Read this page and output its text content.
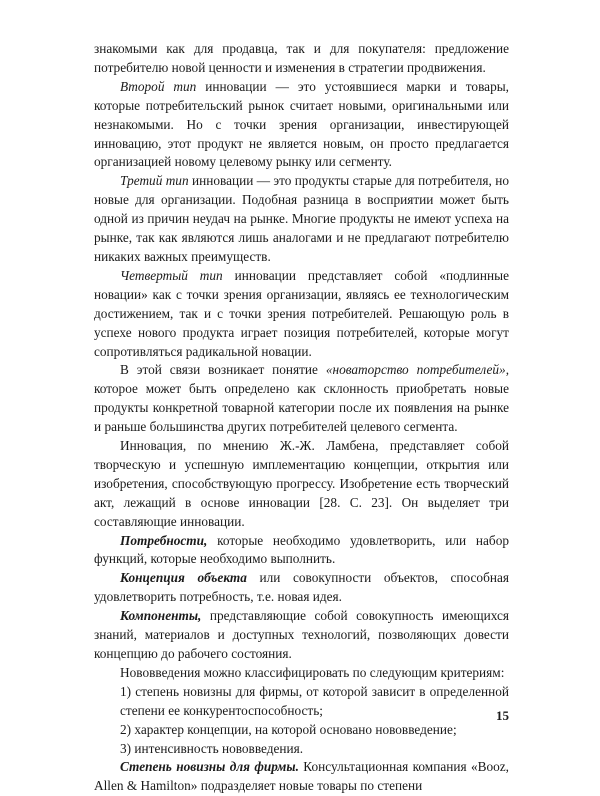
знакомыми как для продавца, так и для покупателя: предложение потребителю новой ценности и изменения в стратегии продвижения.

Второй тип инновации — это устоявшиеся марки и товары, которые потребительский рынок считает новыми, оригинальными или незнакомыми. Но с точки зрения организации, инвестирующей инновацию, этот продукт не является новым, он просто предлагается организацией новому целевому рынку или сегменту.

Третий тип инновации — это продукты старые для потребителя, но новые для организации. Подобная разница в восприятии может быть одной из причин неудач на рынке. Многие продукты не имеют успеха на рынке, так как являются лишь аналогами и не предлагают потребителю никаких важных преимуществ.

Четвертый тип инновации представляет собой «подлинные новации» как с точки зрения организации, являясь ее технологическим достижением, так и с точки зрения потребителей. Решающую роль в успехе нового продукта играет позиция потребителей, которые могут сопротивляться радикальной новации.

В этой связи возникает понятие «новаторство потребителей», которое может быть определено как склонность приобретать новые продукты конкретной товарной категории после их появления на рынке и раньше большинства других потребителей целевого сегмента.

Инновация, по мнению Ж.-Ж. Ламбена, представляет собой творческую и успешную имплементацию концепции, открытия или изобретения, способствующую прогрессу. Изобретение есть творческий акт, лежащий в основе инновации [28. С. 23]. Он выделяет три составляющие инновации.

Потребности, которые необходимо удовлетворить, или набор функций, которые необходимо выполнить.

Концепция объекта или совокупности объектов, способная удовлетворить потребность, т.е. новая идея.

Компоненты, представляющие собой совокупность имеющихся знаний, материалов и доступных технологий, позволяющих довести концепцию до рабочего состояния.

Нововведения можно классифицировать по следующим критериям:

1) степень новизны для фирмы, от которой зависит в определенной степени ее конкурентоспособность;

2) характер концепции, на которой основано нововведение;

3) интенсивность нововведения.

Степень новизны для фирмы. Консультационная компания «Booz, Allen & Hamilton» подразделяет новые товары по степени

15
